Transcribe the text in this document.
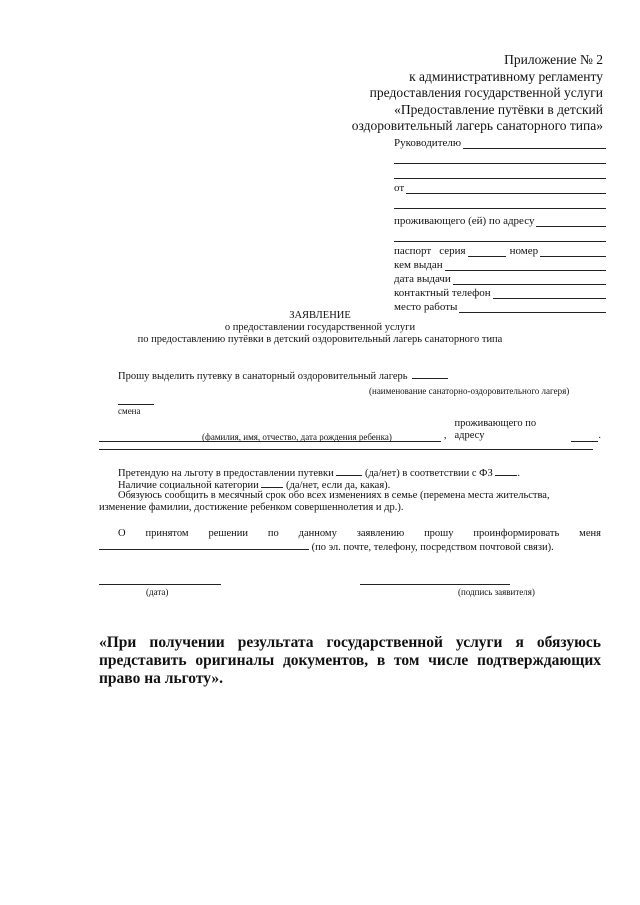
Приложение № 2
к административному регламенту
предоставления государственной услуги
«Предоставление путёвки в детский
оздоровительный лагерь санаторного типа»
Руководителю
от
проживающего (ей) по адресу
паспорт серия	номер
кем выдан
дата выдачи
контактный телефон
место работы
ЗАЯВЛЕНИЕ
о предоставлении государственной услуги
по предоставлению путёвки в детский оздоровительный лагерь санаторного типа
Прошу выделить путевку в санаторный оздоровительный лагерь
(наименование санаторно-оздоровительного лагеря)
смена
,
проживающего по адресу	.
(фамилия, имя, отчество, дата рождения ребенка)
Претендую на льготу в предоставлении путевки	(да/нет) в соответствии с ФЗ .
Наличие социальной категории	(да/нет, если да, какая).
Обязуюсь сообщить в месячный срок обо всех изменениях в семье (перемена места жительства,
изменение фамилии, достижение ребенком совершеннолетия и др.).
О принятом решении по данному заявлению прошу проинформировать меня
(по эл. почте, телефону, посредством почтовой связи).
(дата)	(подпись заявителя)
«При получении результата государственной услуги я обязуюсь
представить оригиналы документов, в том числе подтверждающих
право на льготу».
